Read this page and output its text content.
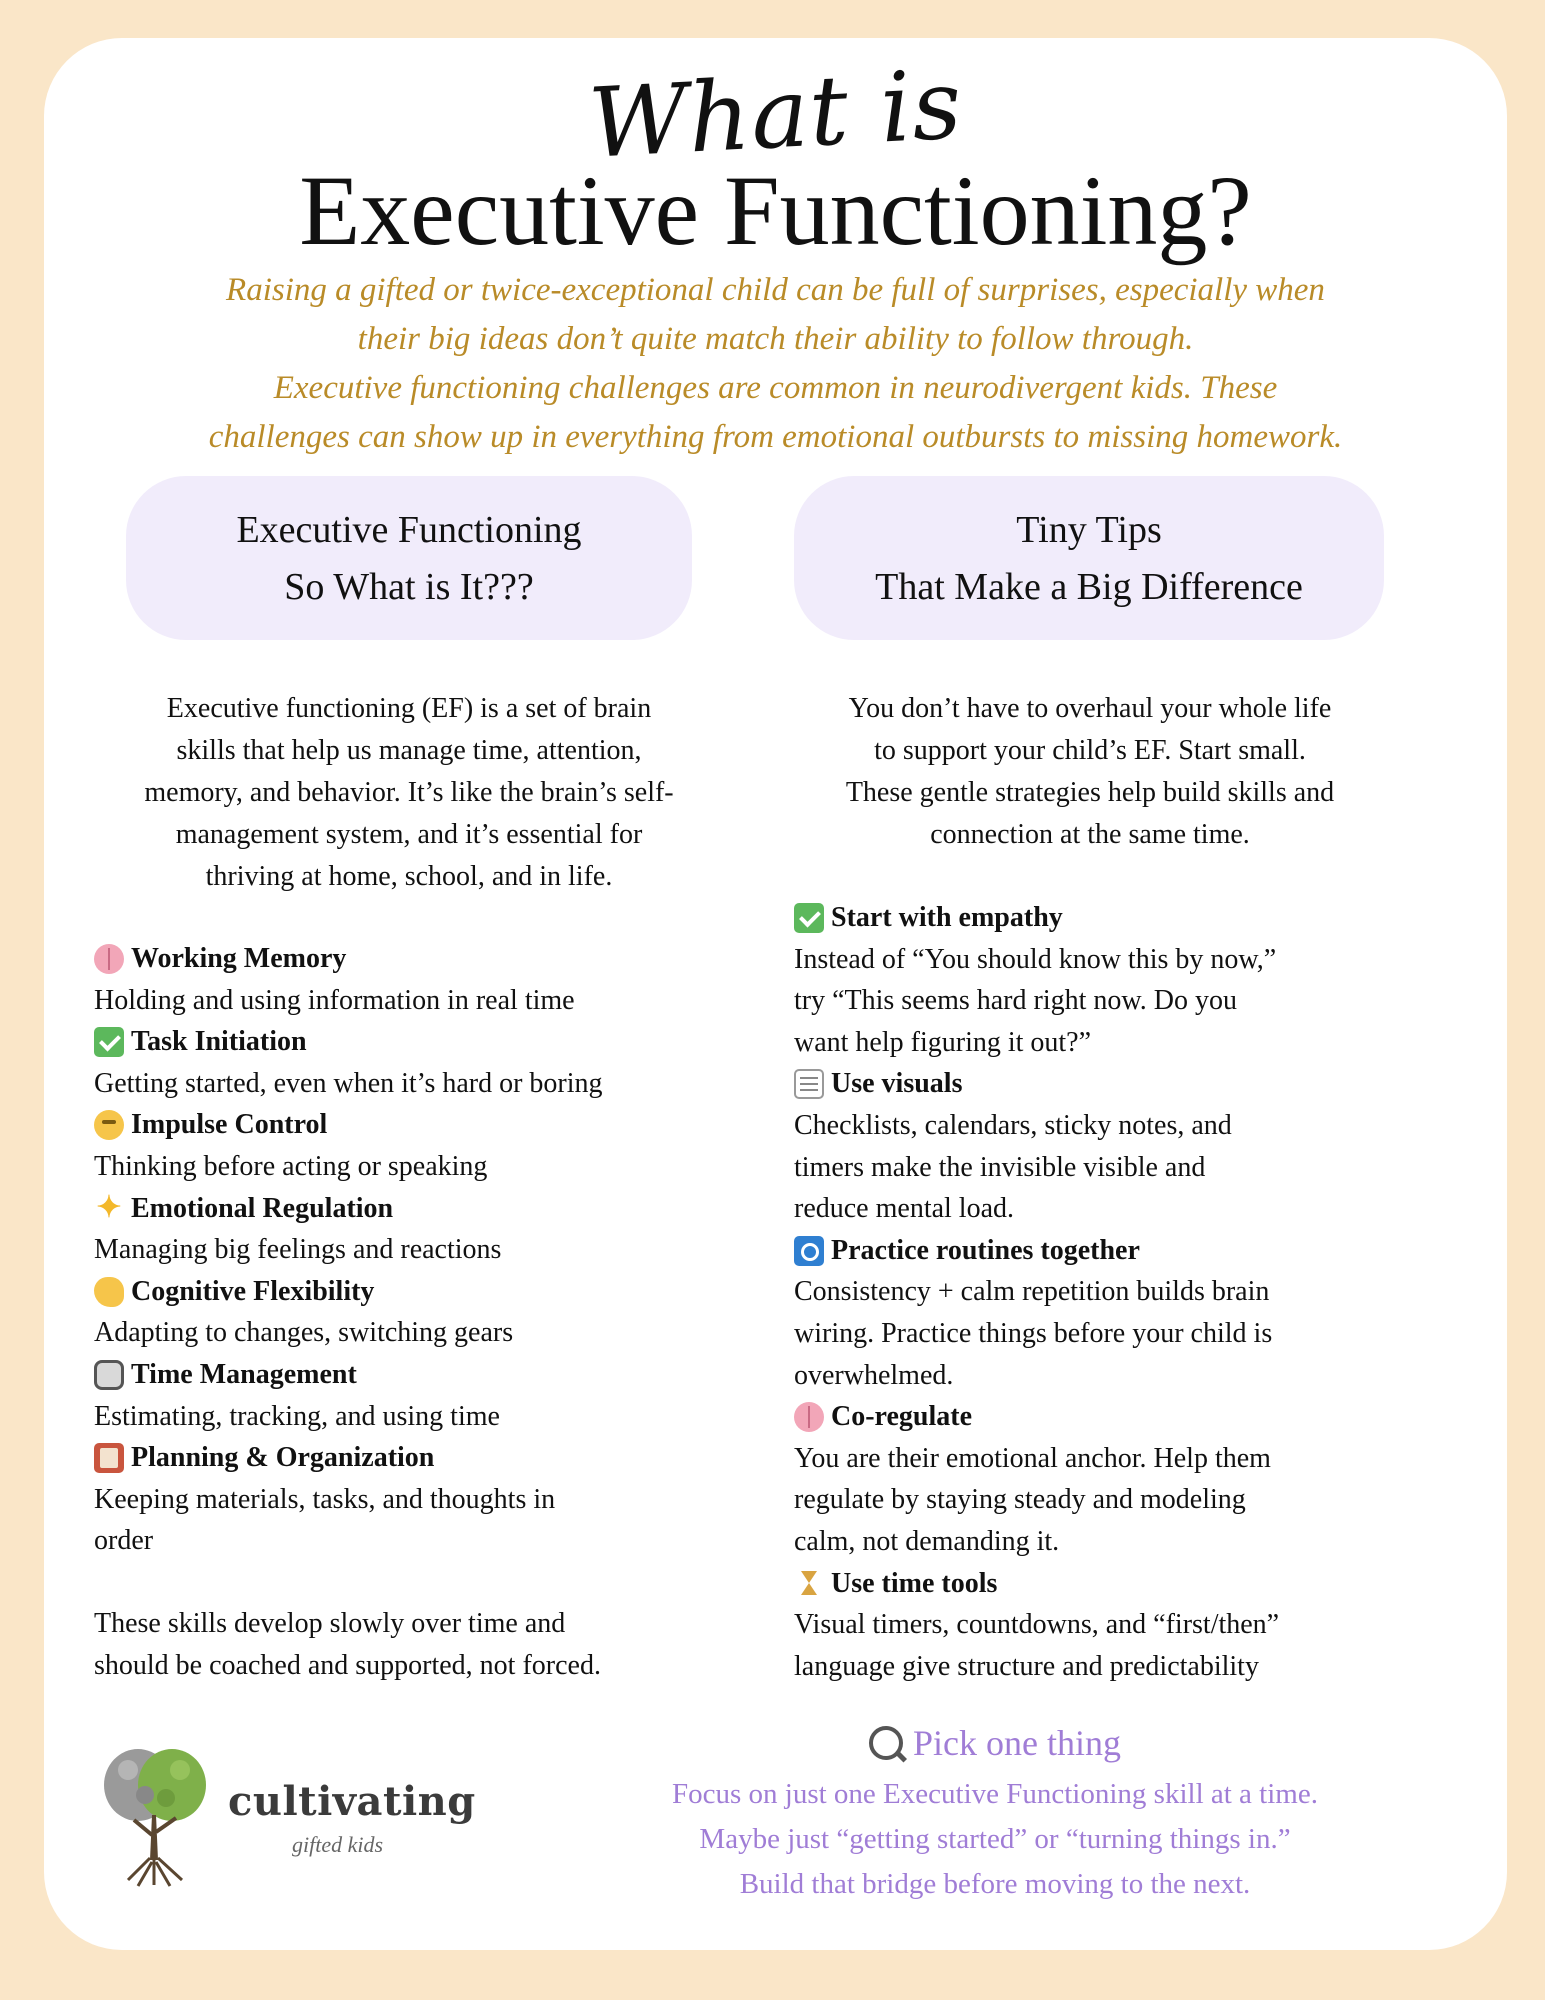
What is
Executive Functioning?
Raising a gifted or twice-exceptional child can be full of surprises, especially when
their big ideas don’t quite match their ability to follow through.
Executive functioning challenges are common in neurodivergent kids. These
challenges can show up in everything from emotional outbursts to missing homework.
Executive Functioning
So What is It???
Tiny Tips
That Make a Big Difference
Executive functioning (EF) is a set of brain
skills that help us manage time, attention,
memory, and behavior. It’s like the brain’s self-
management system, and it’s essential for
thriving at home, school, and in life.
You don’t have to overhaul your whole life
to support your child’s EF. Start small.
These gentle strategies help build skills and
connection at the same time.
Working Memory
Holding and using information in real time
Task Initiation
Getting started, even when it’s hard or boring
Impulse Control
Thinking before acting or speaking
✦ Emotional Regulation
Managing big feelings and reactions
Cognitive Flexibility
Adapting to changes, switching gears
Time Management
Estimating, tracking, and using time
Planning & Organization
Keeping materials, tasks, and thoughts in
order
These skills develop slowly over time and
should be coached and supported, not forced.
Start with empathy
Instead of “You should know this by now,”
try “This seems hard right now. Do you
want help figuring it out?”
Use visuals
Checklists, calendars, sticky notes, and
timers make the invisible visible and
reduce mental load.
Practice routines together
Consistency + calm repetition builds brain
wiring. Practice things before your child is
overwhelmed.
Co-regulate
You are their emotional anchor. Help them
regulate by staying steady and modeling
calm, not demanding it.
Use time tools
Visual timers, countdowns, and “first/then”
language give structure and predictability
Pick one thing
Focus on just one Executive Functioning skill at a time.
Maybe just “getting started” or “turning things in.”
Build that bridge before moving to the next.
cultivating
gifted kids
